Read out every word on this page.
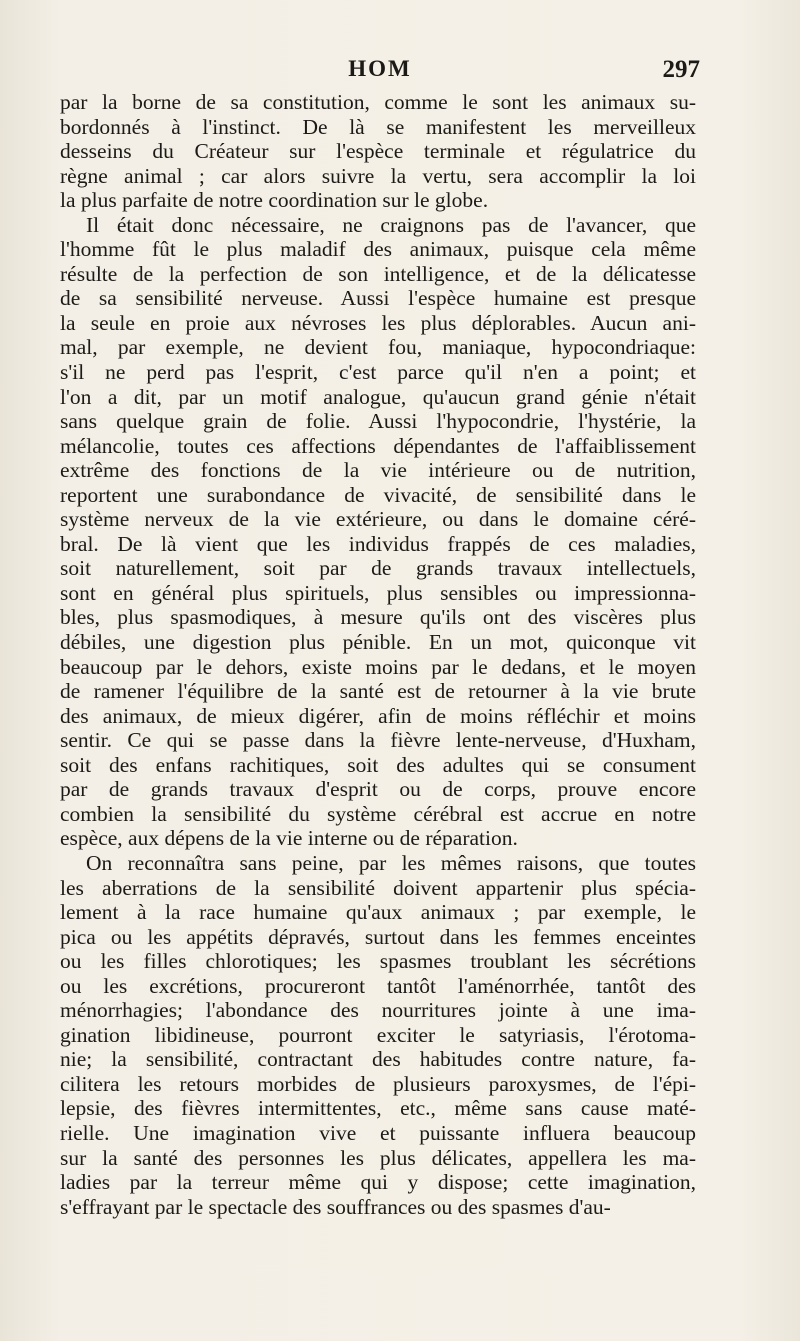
HOM	297
par la borne de sa constitution, comme le sont les animaux su-
bordonnés à l'instinct. De là se manifestent les merveilleux
desseins du Créateur sur l'espèce terminale et régulatrice du
règne animal ; car alors suivre la vertu, sera accomplir la loi
la plus parfaite de notre coordination sur le globe.
Il était donc nécessaire, ne craignons pas de l'avancer, que
l'homme fût le plus maladif des animaux, puisque cela même
résulte de la perfection de son intelligence, et de la délicatesse
de sa sensibilité nerveuse. Aussi l'espèce humaine est presque
la seule en proie aux névroses les plus déplorables. Aucun ani-
mal, par exemple, ne devient fou, maniaque, hypocondriaque:
s'il ne perd pas l'esprit, c'est parce qu'il n'en a point; et
l'on a dit, par un motif analogue, qu'aucun grand génie n'était
sans quelque grain de folie. Aussi l'hypocondrie, l'hystérie, la
mélancolie, toutes ces affections dépendantes de l'affaiblissement
extrême des fonctions de la vie intérieure ou de nutrition,
reportent une surabondance de vivacité, de sensibilité dans le
système nerveux de la vie extérieure, ou dans le domaine céré-
bral. De là vient que les individus frappés de ces maladies,
soit naturellement, soit par de grands travaux intellectuels,
sont en général plus spirituels, plus sensibles ou impressionna-
bles, plus spasmodiques, à mesure qu'ils ont des viscères plus
débiles, une digestion plus pénible. En un mot, quiconque vit
beaucoup par le dehors, existe moins par le dedans, et le moyen
de ramener l'équilibre de la santé est de retourner à la vie brute
des animaux, de mieux digérer, afin de moins réfléchir et moins
sentir. Ce qui se passe dans la fièvre lente-nerveuse, d'Huxham,
soit des enfans rachitiques, soit des adultes qui se consument
par de grands travaux d'esprit ou de corps, prouve encore
combien la sensibilité du système cérébral est accrue en notre
espèce, aux dépens de la vie interne ou de réparation.
On reconnaîtra sans peine, par les mêmes raisons, que toutes
les aberrations de la sensibilité doivent appartenir plus spécia-
lement à la race humaine qu'aux animaux ; par exemple, le
pica ou les appétits dépravés, surtout dans les femmes enceintes
ou les filles chlorotiques; les spasmes troublant les sécrétions
ou les excrétions, procureront tantôt l'aménorrhée, tantôt des
ménorrhagies; l'abondance des nourritures jointe à une ima-
gination libidineuse, pourront exciter le satyriasis, l'érotoma-
nie; la sensibilité, contractant des habitudes contre nature, fa-
cilitera les retours morbides de plusieurs paroxysmes, de l'épi-
lepsie, des fièvres intermittentes, etc., même sans cause maté-
rielle. Une imagination vive et puissante influera beaucoup
sur la santé des personnes les plus délicates, appellera les ma-
ladies par la terreur même qui y dispose; cette imagination,
s'effrayant par le spectacle des souffrances ou des spasmes d'au-
